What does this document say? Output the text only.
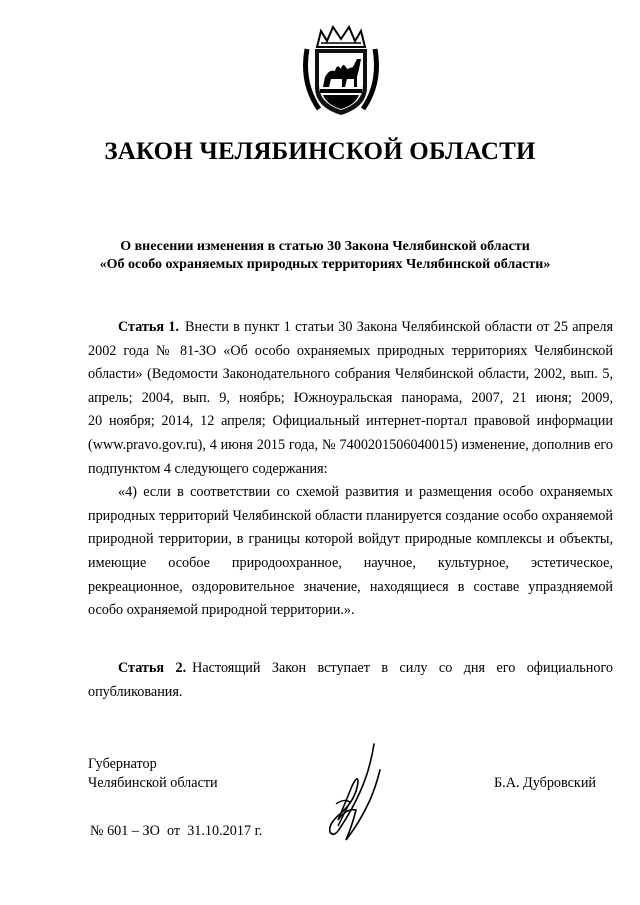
ЗАКОН ЧЕЛЯБИНСКОЙ ОБЛАСТИ
О внесении изменения в статью 30 Закона Челябинской области
«Об особо охраняемых природных территориях Челябинской области»
Статья 1. Внести в пункт 1 статьи 30 Закона Челябинской области от 25 апреля
2002 года № 81-ЗО «Об особо охраняемых природных территориях Челябинской
области» (Ведомости Законодательного собрания Челябинской области, 2002, вып. 5,
апрель; 2004, вып. 9, ноябрь; Южноуральская панорама, 2007, 21 июня; 2009,
20 ноября; 2014, 12 апреля; Официальный интернет-портал правовой информации
(www.pravo.gov.ru), 4 июня 2015 года, № 7400201506040015) изменение, дополнив его
подпунктом 4 следующего содержания:
«4) если в соответствии со схемой развития и размещения особо охраняемых
природных территорий Челябинской области планируется создание особо охраняемой
природной территории, в границы которой войдут природные комплексы и объекты,
имеющие особое природоохранное, научное, культурное, эстетическое,
рекреационное, оздоровительное значение, находящиеся в составе упраздняемой
особо охраняемой природной территории.».
Статья 2. Настоящий Закон вступает в силу со дня его официального
опубликования.
Губернатор
Челябинской области	Б.А. Дубровский
№ 601 – ЗО  от  31.10.2017 г.
